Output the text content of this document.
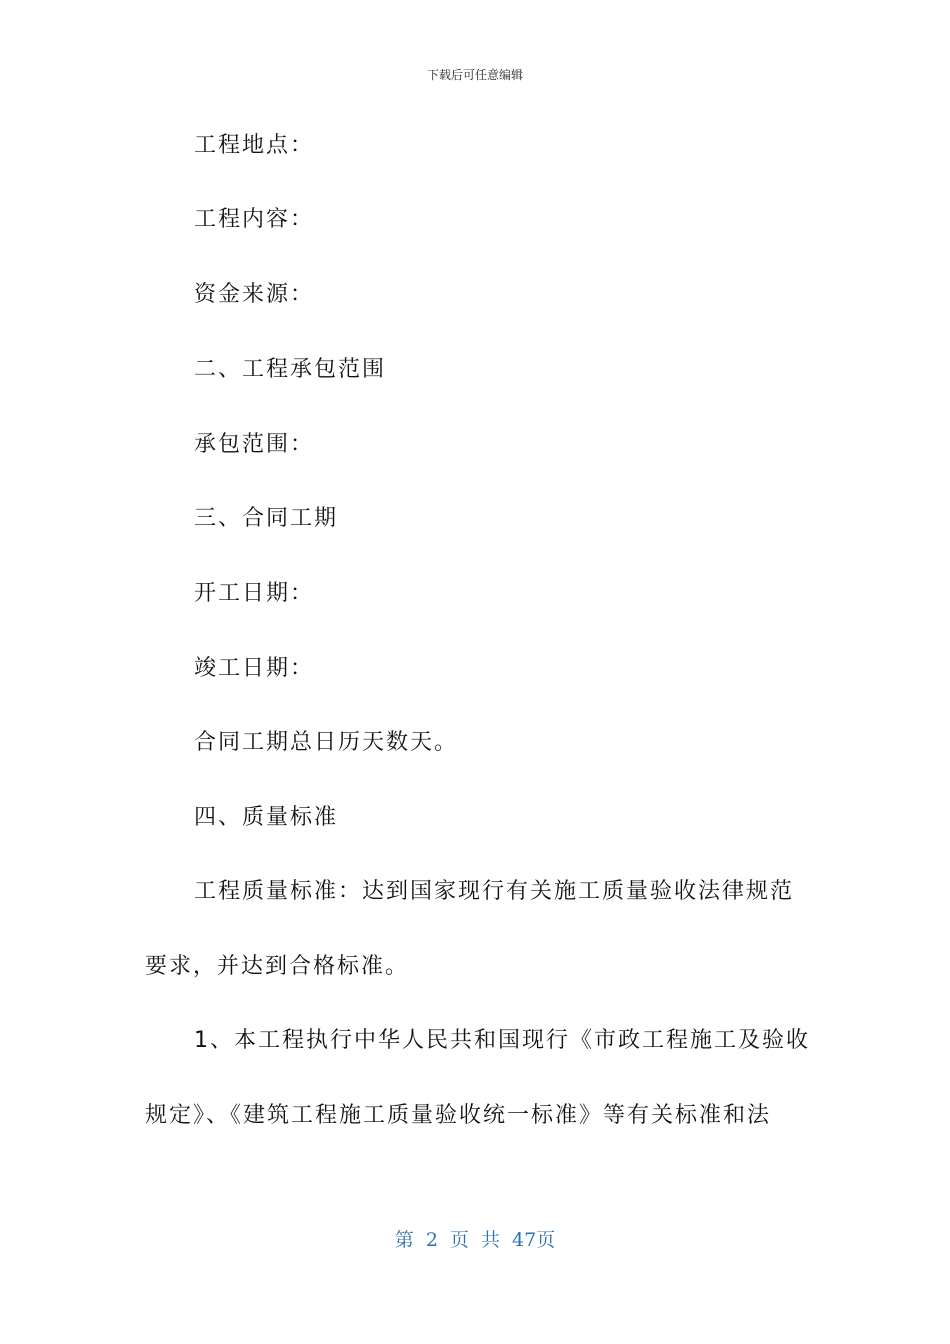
下载后可任意编辑
工程地点：
工程内容：
资金来源：
二、工程承包范围
承包范围：
三、合同工期
开工日期：
竣工日期：
合同工期总日历天数天。
四、质量标准
工程质量标准：达到国家现行有关施工质量验收法律规范
要求，并达到合格标准。
1、本工程执行中华人民共和国现行《市政工程施工及验收
规定》、《建筑工程施工质量验收统一标准》等有关标准和法
第 2 页 共 47页
